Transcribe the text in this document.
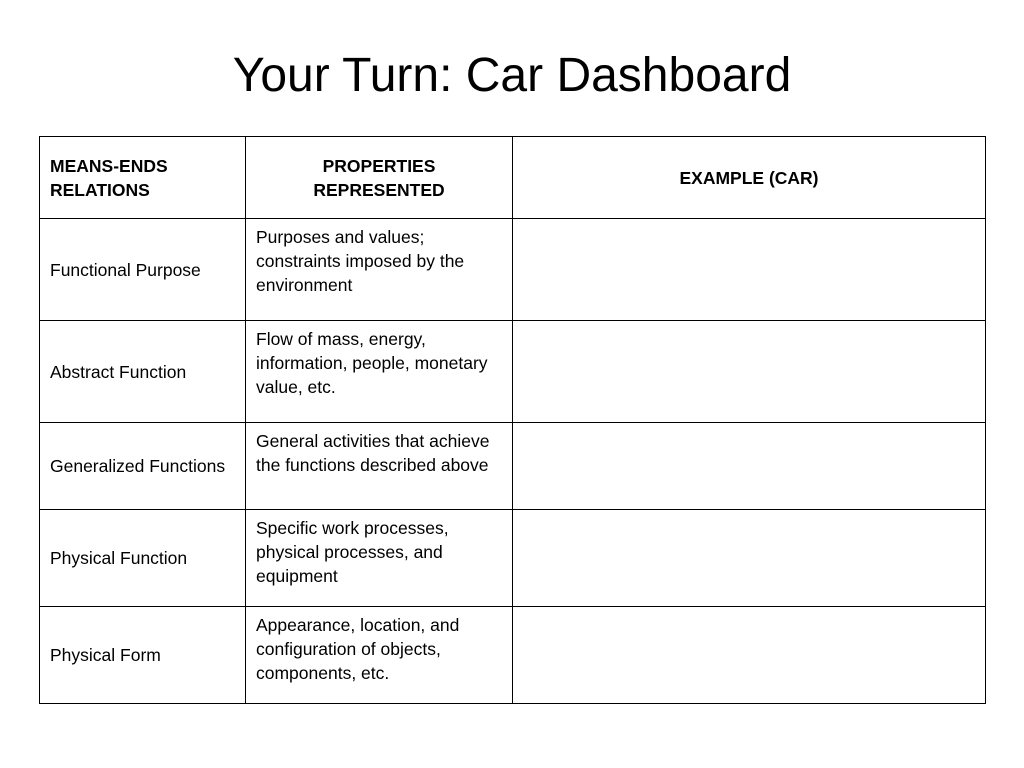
Your Turn: Car Dashboard
MEANS-ENDS RELATIONS	PROPERTIES REPRESENTED	EXAMPLE (CAR)
Functional Purpose	Purposes and values; constraints imposed by the environment	
Abstract Function	Flow of mass, energy, information, people, monetary value, etc.	
Generalized Functions	General activities that achieve the functions described above	
Physical Function	Specific work processes, physical processes, and equipment	
Physical Form	Appearance, location, and configuration of objects, components, etc.	
